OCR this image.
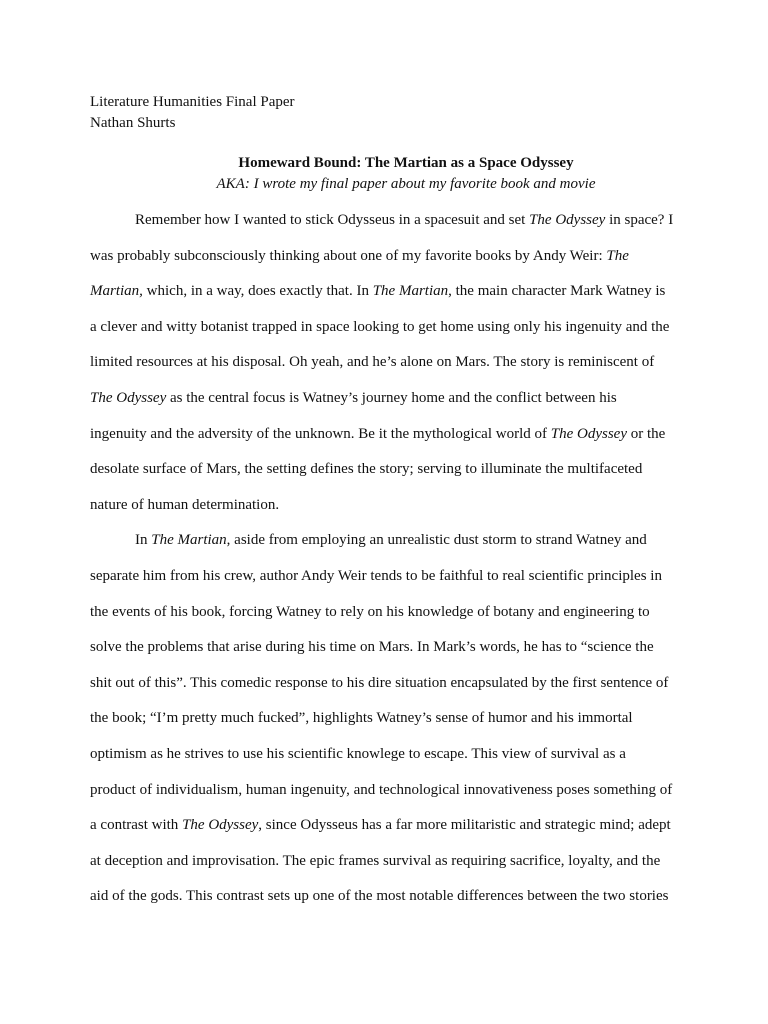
Literature Humanities Final Paper
Nathan Shurts
Homeward Bound: The Martian as a Space Odyssey
AKA: I wrote my final paper about my favorite book and movie
Remember how I wanted to stick Odysseus in a spacesuit and set The Odyssey in space? I
was probably subconsciously thinking about one of my favorite books by Andy Weir: The
Martian, which, in a way, does exactly that. In The Martian, the main character Mark Watney is
a clever and witty botanist trapped in space looking to get home using only his ingenuity and the
limited resources at his disposal. Oh yeah, and he’s alone on Mars. The story is reminiscent of
The Odyssey as the central focus is Watney’s journey home and the conflict between his
ingenuity and the adversity of the unknown. Be it the mythological world of The Odyssey or the
desolate surface of Mars, the setting defines the story; serving to illuminate the multifaceted
nature of human determination.
In The Martian, aside from employing an unrealistic dust storm to strand Watney and
separate him from his crew, author Andy Weir tends to be faithful to real scientific principles in
the events of his book, forcing Watney to rely on his knowledge of botany and engineering to
solve the problems that arise during his time on Mars. In Mark’s words, he has to “science the
shit out of this”. This comedic response to his dire situation encapsulated by the first sentence of
the book; “I’m pretty much fucked”, highlights Watney’s sense of humor and his immortal
optimism as he strives to use his scientific knowlege to escape. This view of survival as a
product of individualism, human ingenuity, and technological innovativeness poses something of
a contrast with The Odyssey, since Odysseus has a far more militaristic and strategic mind; adept
at deception and improvisation. The epic frames survival as requiring sacrifice, loyalty, and the
aid of the gods. This contrast sets up one of the most notable differences between the two stories
